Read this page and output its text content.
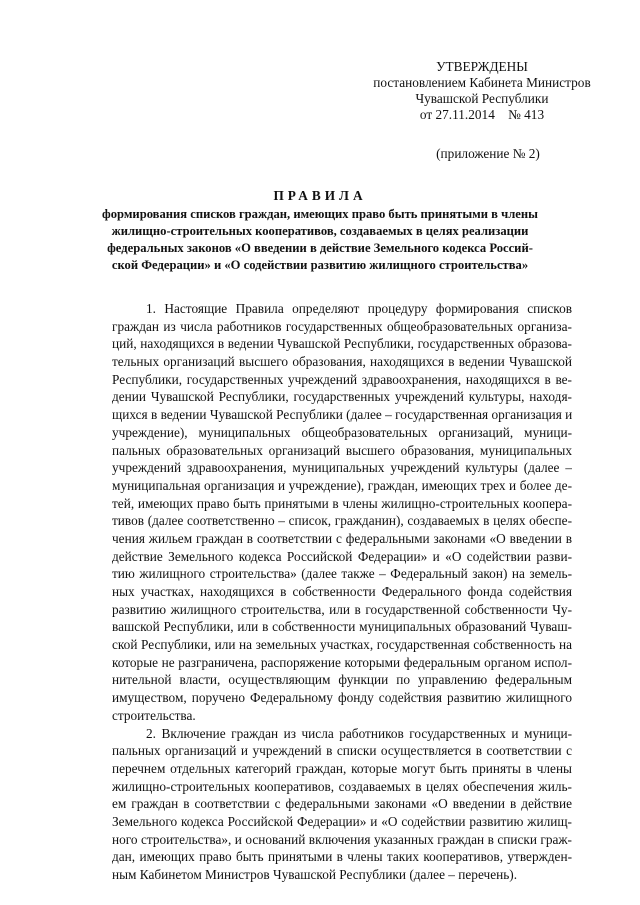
УТВЕРЖДЕНЫ
постановлением Кабинета Министров
Чувашской Республики
от 27.11.2014    № 413
(приложение № 2)
ПРАВИЛА
формирования списков граждан, имеющих право быть принятыми в члены
жилищно-строительных кооперативов, создаваемых в целях реализации
федеральных законов «О введении в действие Земельного кодекса Россий-
ской Федерации» и «О содействии развитию жилищного строительства»
1. Настоящие Правила определяют процедуру формирования списков
граждан из числа работников государственных общеобразовательных организа-
ций, находящихся в ведении Чувашской Республики, государственных образова-
тельных организаций высшего образования, находящихся в ведении Чувашской
Республики, государственных учреждений здравоохранения, находящихся в ве-
дении Чувашской Республики, государственных учреждений культуры, находя-
щихся в ведении Чувашской Республики (далее – государственная организация и
учреждение), муниципальных общеобразовательных организаций, муници-
пальных образовательных организаций высшего образования, муниципальных
учреждений здравоохранения, муниципальных учреждений культуры (далее –
муниципальная организация и учреждение), граждан, имеющих трех и более де-
тей, имеющих право быть принятыми в члены жилищно-строительных коопера-
тивов (далее соответственно – список, гражданин), создаваемых в целях обеспе-
чения жильем граждан в соответствии с федеральными законами «О введении в
действие Земельного кодекса Российской Федерации» и «О содействии разви-
тию жилищного строительства» (далее также – Федеральный закон) на земель-
ных участках, находящихся в собственности Федерального фонда содействия
развитию жилищного строительства, или в государственной собственности Чу-
вашской Республики, или в собственности муниципальных образований Чуваш-
ской Республики, или на земельных участках, государственная собственность на
которые не разграничена, распоряжение которыми федеральным органом испол-
нительной власти, осуществляющим функции по управлению федеральным
имуществом, поручено Федеральному фонду содействия развитию жилищного
строительства.
2. Включение граждан из числа работников государственных и муници-
пальных организаций и учреждений в списки осуществляется в соответствии с
перечнем отдельных категорий граждан, которые могут быть приняты в члены
жилищно-строительных кооперативов, создаваемых в целях обеспечения жиль-
ем граждан в соответствии с федеральными законами «О введении в действие
Земельного кодекса Российской Федерации» и «О содействии развитию жилищ-
ного строительства», и оснований включения указанных граждан в списки граж-
дан, имеющих право быть принятыми в члены таких кооперативов, утвержден-
ным Кабинетом Министров Чувашской Республики (далее – перечень).
